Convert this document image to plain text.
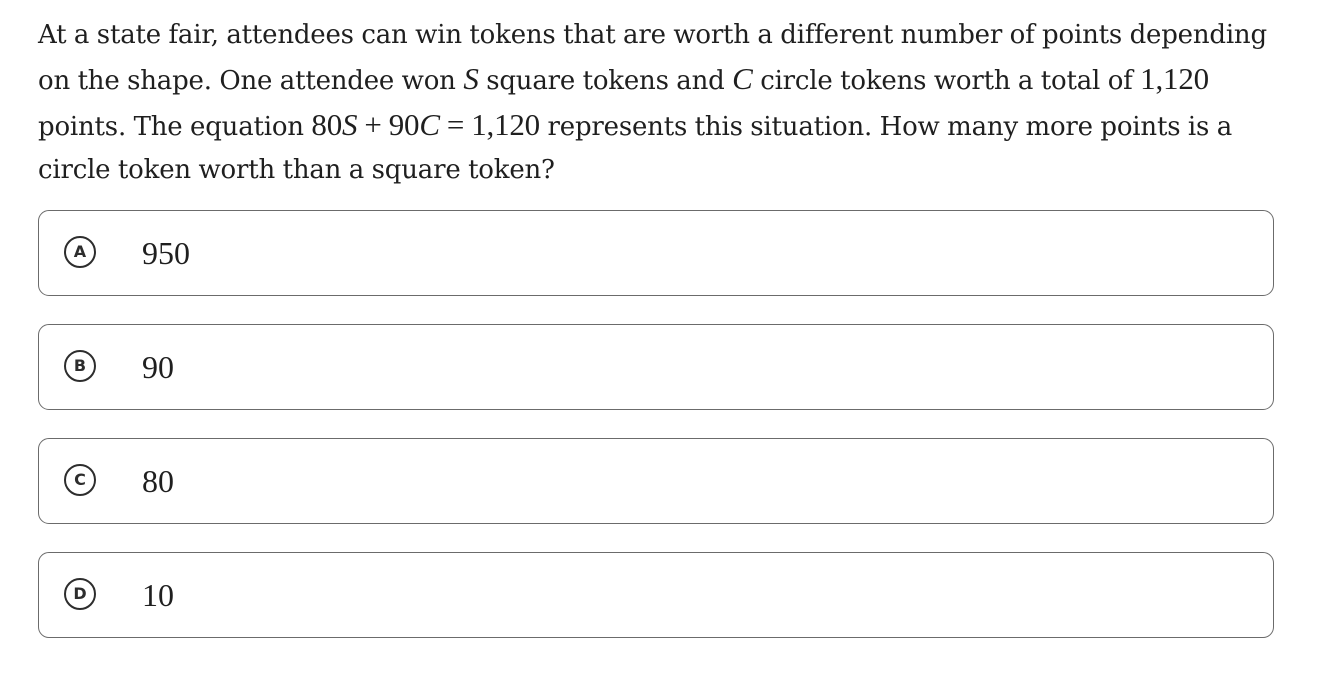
At a state fair, attendees can win tokens that are worth a different number of points depending on the shape. One attendee won S square tokens and C circle tokens worth a total of 1,120 points. The equation 80S + 90C = 1,120 represents this situation. How many more points is a circle token worth than a square token?
A	950
B	90
C	80
D 10
